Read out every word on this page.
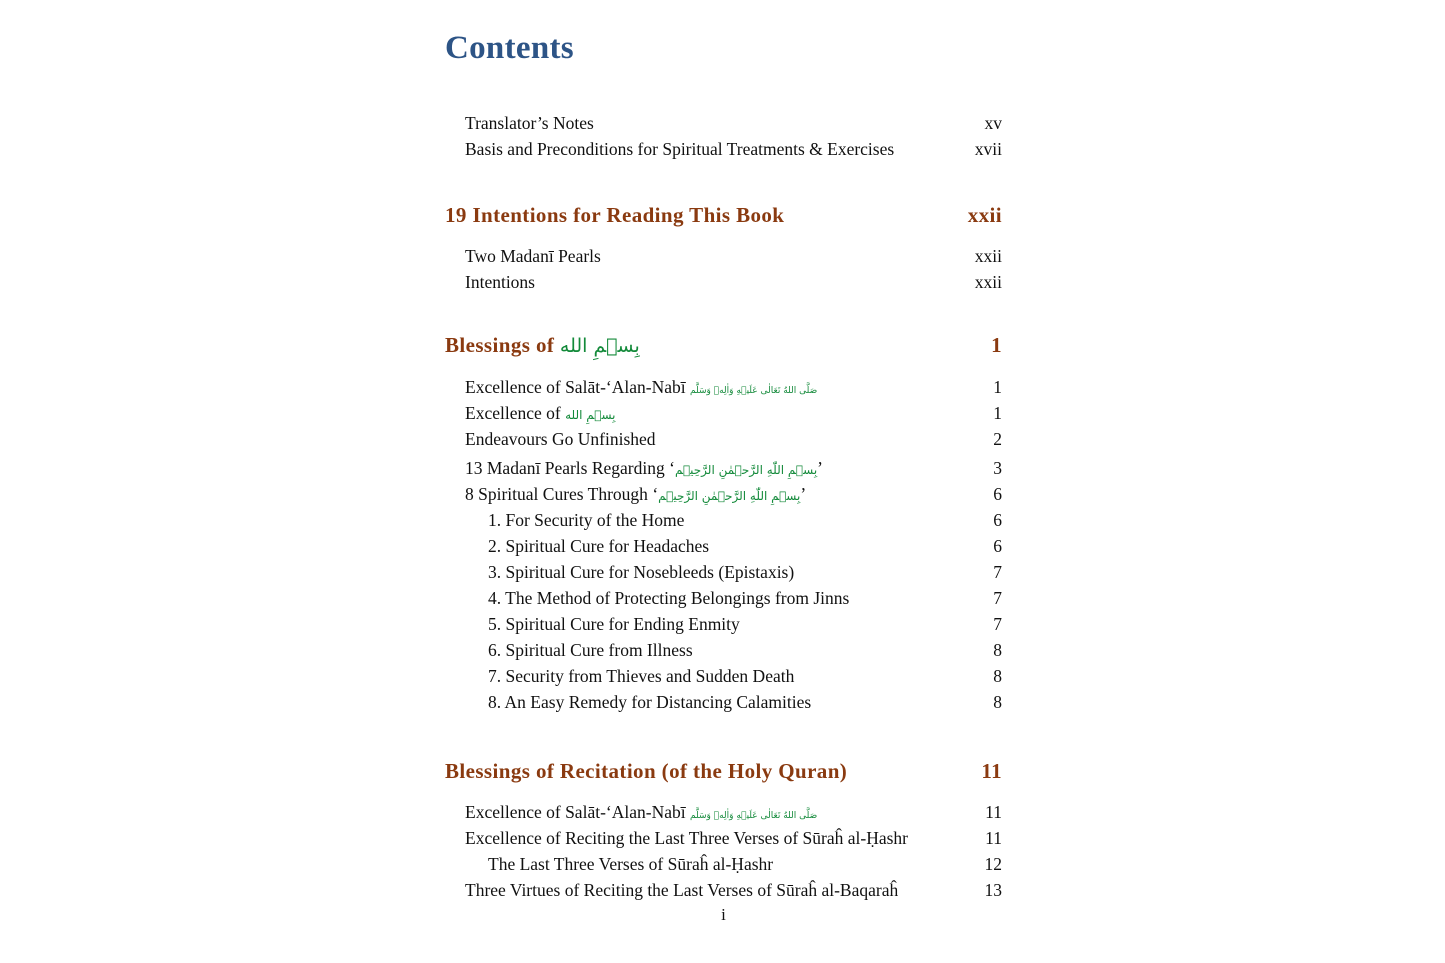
Contents
Translator’s Notes	xv
Basis and Preconditions for Spiritual Treatments & Exercises	xvii
19 Intentions for Reading This Book	xxii
Two Madanī Pearls	xxii
Intentions	xxii
Blessings of بِسۡمِ الله	1
Excellence of Salāt-‘Alan-Nabī صَلَّى اللهُ تَعَالٰى عَلَيۡهِ وَاٰلِهٖ وَسَلَّم	1
Excellence of بِسۡمِ الله	1
Endeavours Go Unfinished	2
13 Madanī Pearls Regarding ‘بِسۡمِ اللّٰهِ الرَّحۡمٰنِ الرَّحِيۡم’	3
8 Spiritual Cures Through ‘بِسۡمِ اللّٰهِ الرَّحۡمٰنِ الرَّحِيۡم’	6
1. For Security of the Home	6
2. Spiritual Cure for Headaches	6
3. Spiritual Cure for Nosebleeds (Epistaxis)	7
4. The Method of Protecting Belongings from Jinns	7
5. Spiritual Cure for Ending Enmity	7
6. Spiritual Cure from Illness	8
7. Security from Thieves and Sudden Death	8
8. An Easy Remedy for Distancing Calamities	8
Blessings of Recitation (of the Holy Quran)	11
Excellence of Salāt-‘Alan-Nabī صَلَّى اللهُ تَعَالٰى عَلَيۡهِ وَاٰلِهٖ وَسَلَّم	11
Excellence of Reciting the Last Three Verses of Sūraĥ al-Ḥashr	11
The Last Three Verses of Sūraĥ al-Ḥashr	12
Three Virtues of Reciting the Last Verses of Sūraĥ al-Baqaraĥ	13
i
